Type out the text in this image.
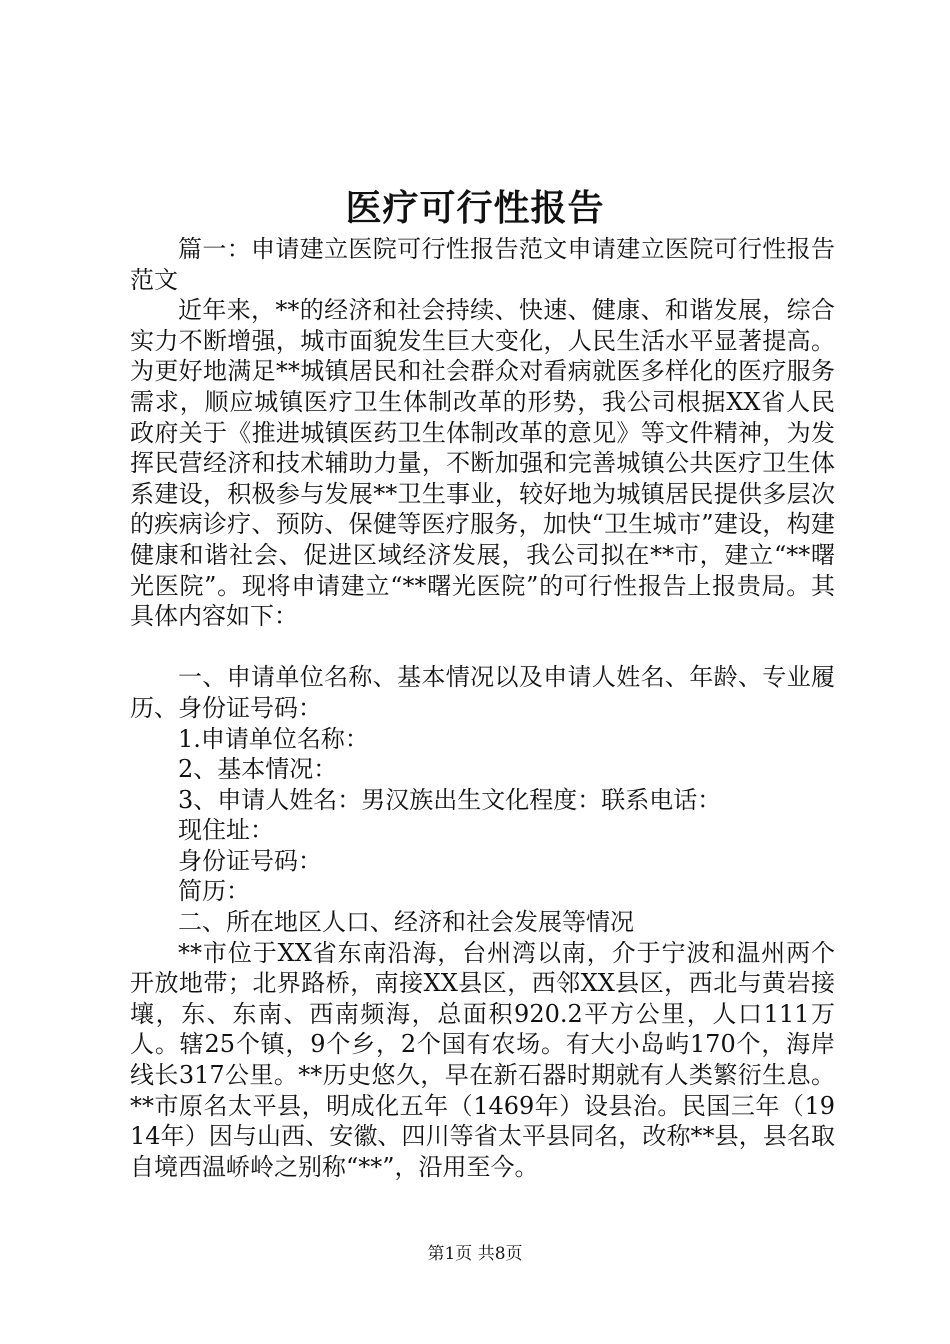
医疗可行性报告

篇一：申请建立医院可行性报告范文申请建立医院可行性报告范文

近年来，**的经济和社会持续、快速、健康、和谐发展，综合实力不断增强，城市面貌发生巨大变化，人民生活水平显著提高。为更好地满足**城镇居民和社会群众对看病就医多样化的医疗服务需求，顺应城镇医疗卫生体制改革的形势，我公司根据XX省人民政府关于《推进城镇医药卫生体制改革的意见》等文件精神，为发挥民营经济和技术辅助力量，不断加强和完善城镇公共医疗卫生体系建设，积极参与发展**卫生事业，较好地为城镇居民提供多层次的疾病诊疗、预防、保健等医疗服务，加快“卫生城市”建设，构建健康和谐社会、促进区域经济发展，我公司拟在**市，建立“**曙光医院”。现将申请建立“**曙光医院”的可行性报告上报贵局。其具体内容如下：

一、申请单位名称、基本情况以及申请人姓名、年龄、专业履历、身份证号码：

1.申请单位名称：

2、基本情况：

3、申请人姓名：男汉族出生文化程度：联系电话：

现住址：

身份证号码：

简历：

二、所在地区人口、经济和社会发展等情况

**市位于XX省东南沿海，台州湾以南，介于宁波和温州两个开放地带；北界路桥，南接XX县区，西邻XX县区，西北与黄岩接壤，东、东南、西南频海，总面积920.2平方公里，人口111万人。辖25个镇，9个乡，2个国有农场。有大小岛屿170个，海岸线长317公里。**历史悠久，早在新石器时期就有人类繁衍生息。**市原名太平县，明成化五年（1469年）设县治。民国三年（1914年）因与山西、安徽、四川等省太平县同名，改称**县，县名取自境西温峤岭之别称“**”，沿用至今。

第1页 共8页
